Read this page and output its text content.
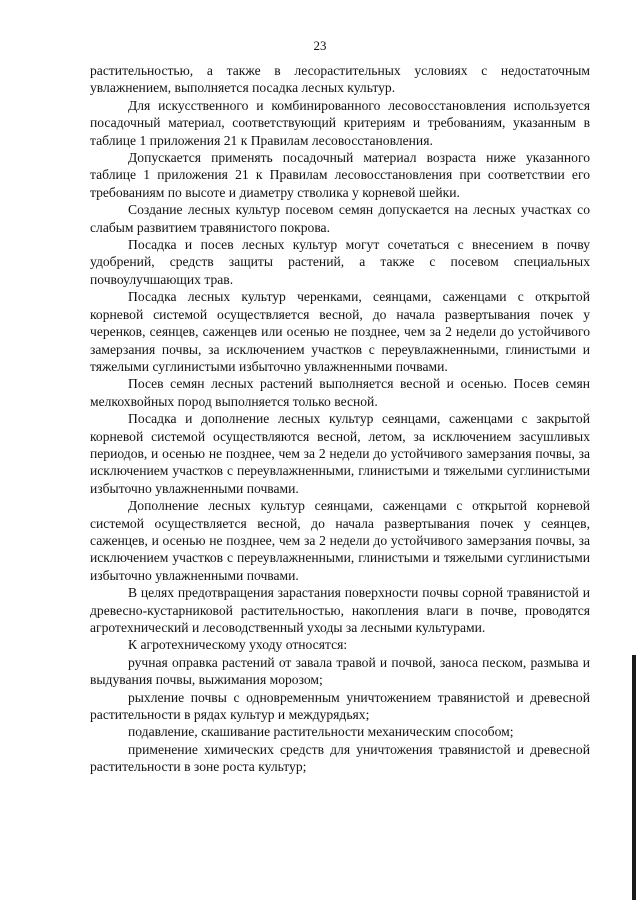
23

растительностью, а также в лесорастительных условиях с недостаточным увлажнением, выполняется посадка лесных культур.

Для искусственного и комбинированного лесовосстановления используется посадочный материал, соответствующий критериям и требованиям, указанным в таблице 1 приложения 21 к Правилам лесовосстановления.

Допускается применять посадочный материал возраста ниже указанного таблице 1 приложения 21 к Правилам лесовосстановления при соответствии его требованиям по высоте и диаметру стволика у корневой шейки.

Создание лесных культур посевом семян допускается на лесных участках со слабым развитием травянистого покрова.

Посадка и посев лесных культур могут сочетаться с внесением в почву удобрений, средств защиты растений, а также с посевом специальных почвоулучшающих трав.

Посадка лесных культур черенками, сеянцами, саженцами с открытой корневой системой осуществляется весной, до начала развертывания почек у черенков, сеянцев, саженцев или осенью не позднее, чем за 2 недели до устойчивого замерзания почвы, за исключением участков с переувлажненными, глинистыми и тяжелыми суглинистыми избыточно увлажненными почвами.

Посев семян лесных растений выполняется весной и осенью. Посев семян мелкохвойных пород выполняется только весной.

Посадка и дополнение лесных культур сеянцами, саженцами с закрытой корневой системой осуществляются весной, летом, за исключением засушливых периодов, и осенью не позднее, чем за 2 недели до устойчивого замерзания почвы, за исключением участков с переувлажненными, глинистыми и тяжелыми суглинистыми избыточно увлажненными почвами.

Дополнение лесных культур сеянцами, саженцами с открытой корневой системой осуществляется весной, до начала развертывания почек у сеянцев, саженцев, и осенью не позднее, чем за 2 недели до устойчивого замерзания почвы, за исключением участков с переувлажненными, глинистыми и тяжелыми суглинистыми избыточно увлажненными почвами.

В целях предотвращения зарастания поверхности почвы сорной травянистой и древесно-кустарниковой растительностью, накопления влаги в почве, проводятся агротехнический и лесоводственный уходы за лесными культурами.

К агротехническому уходу относятся:

ручная оправка растений от завала травой и почвой, заноса песком, размыва и выдувания почвы, выжимания морозом;

рыхление почвы с одновременным уничтожением травянистой и древесной растительности в рядах культур и междурядьях;

подавление, скашивание растительности механическим способом;

применение химических средств для уничтожения травянистой и древесной растительности в зоне роста культур;
